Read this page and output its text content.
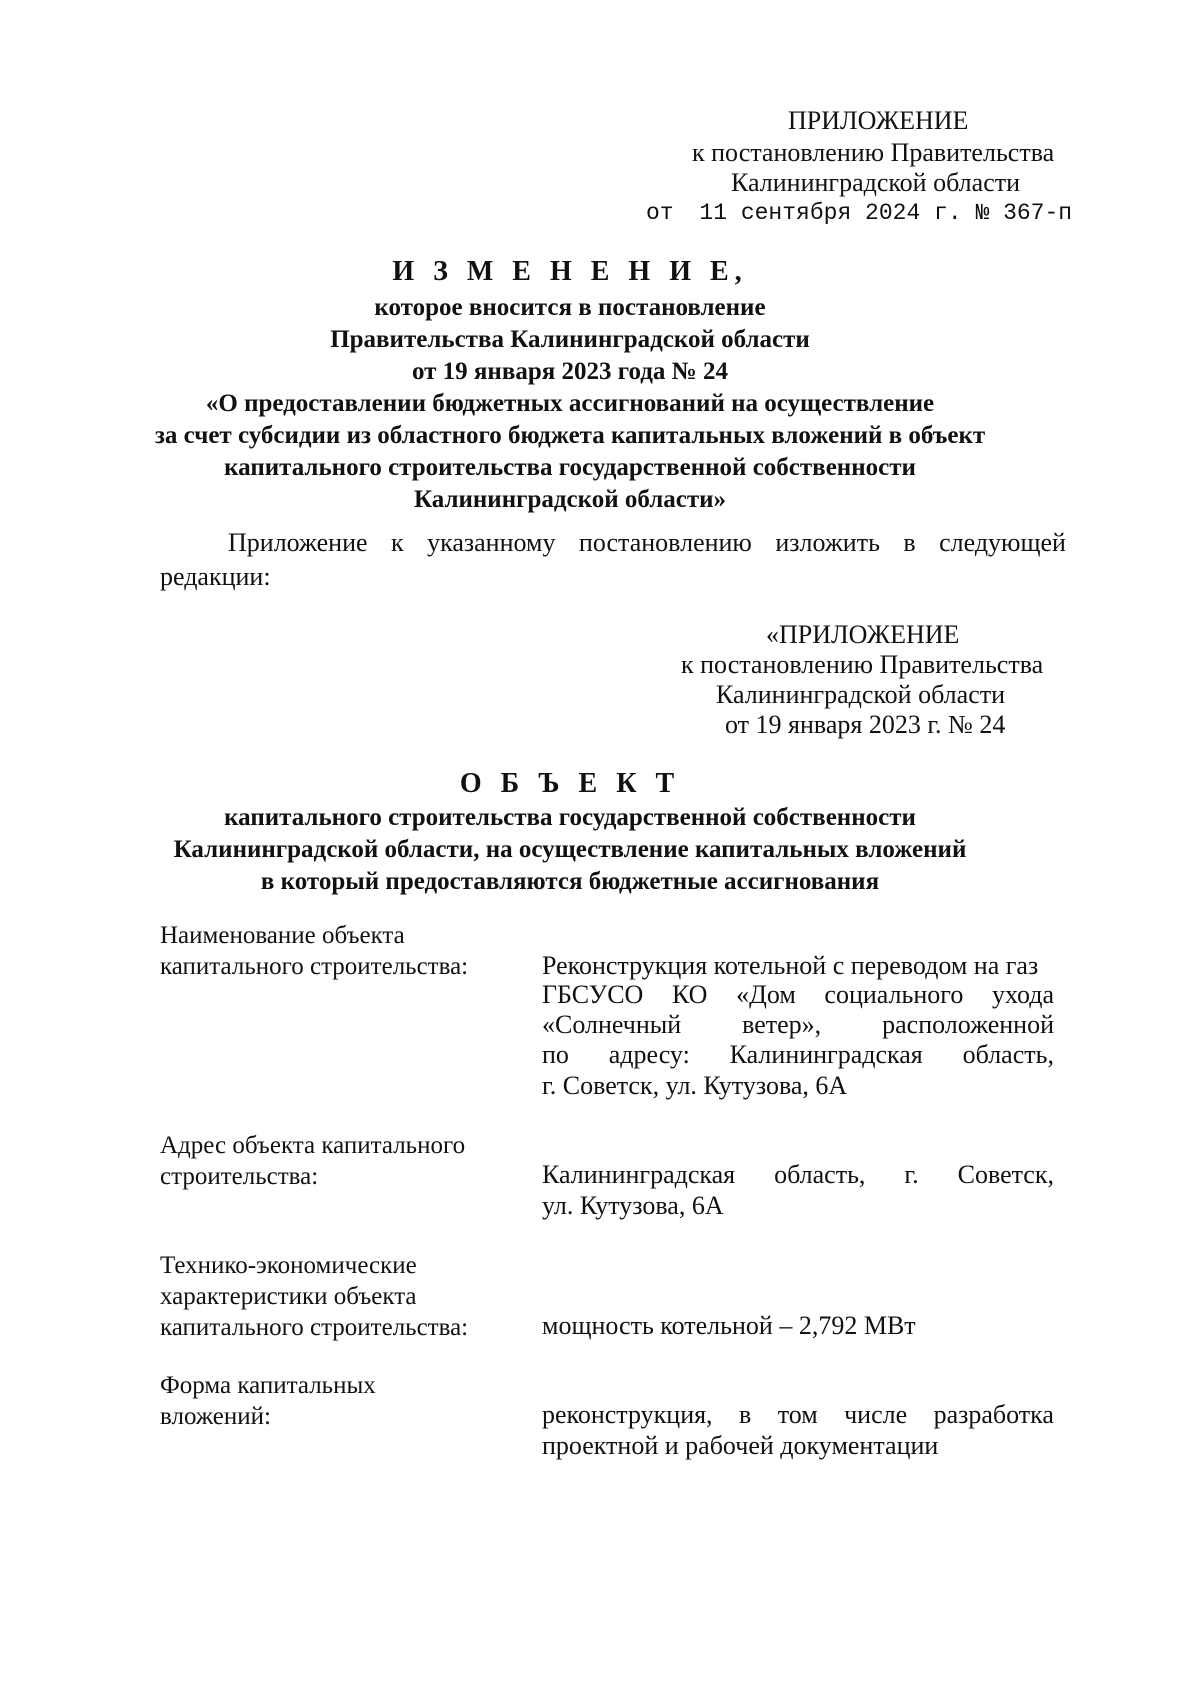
ПРИЛОЖЕНИЕ
к постановлению Правительства
Калининградской области
от 11 сентября 2024 г. № 367-п
И З М Е Н Е Н И Е,
которое вносится в постановление
Правительства Калининградской области
от 19 января 2023 года № 24
«О предоставлении бюджетных ассигнований на осуществление
за счет субсидии из областного бюджета капитальных вложений в объект
капитального строительства государственной собственности
Калининградской области»
Приложение к указанному постановлению изложить в следующей
редакции:
«ПРИЛОЖЕНИЕ
к постановлению Правительства
Калининградской области
от 19 января 2023 г. № 24
О Б Ъ Е К Т
капитального строительства государственной собственности
Калининградской области, на осуществление капитальных вложений
в который предоставляются бюджетные ассигнования
Наименование объекта
капитального строительства:	Реконструкция котельной с переводом на газ
ГБСУСО КО «Дом социального ухода
«Солнечный ветер», расположенной
по адресу: Калининградская область,
г. Советск, ул. Кутузова, 6А
Адрес объекта капитального
строительства:	Калининградская область, г. Советск,
ул. Кутузова, 6А
Технико-экономические
характеристики объекта
капитального строительства:	мощность котельной – 2,792 МВт
Форма капитальных
вложений:	реконструкция, в том числе разработка
проектной и рабочей документации
